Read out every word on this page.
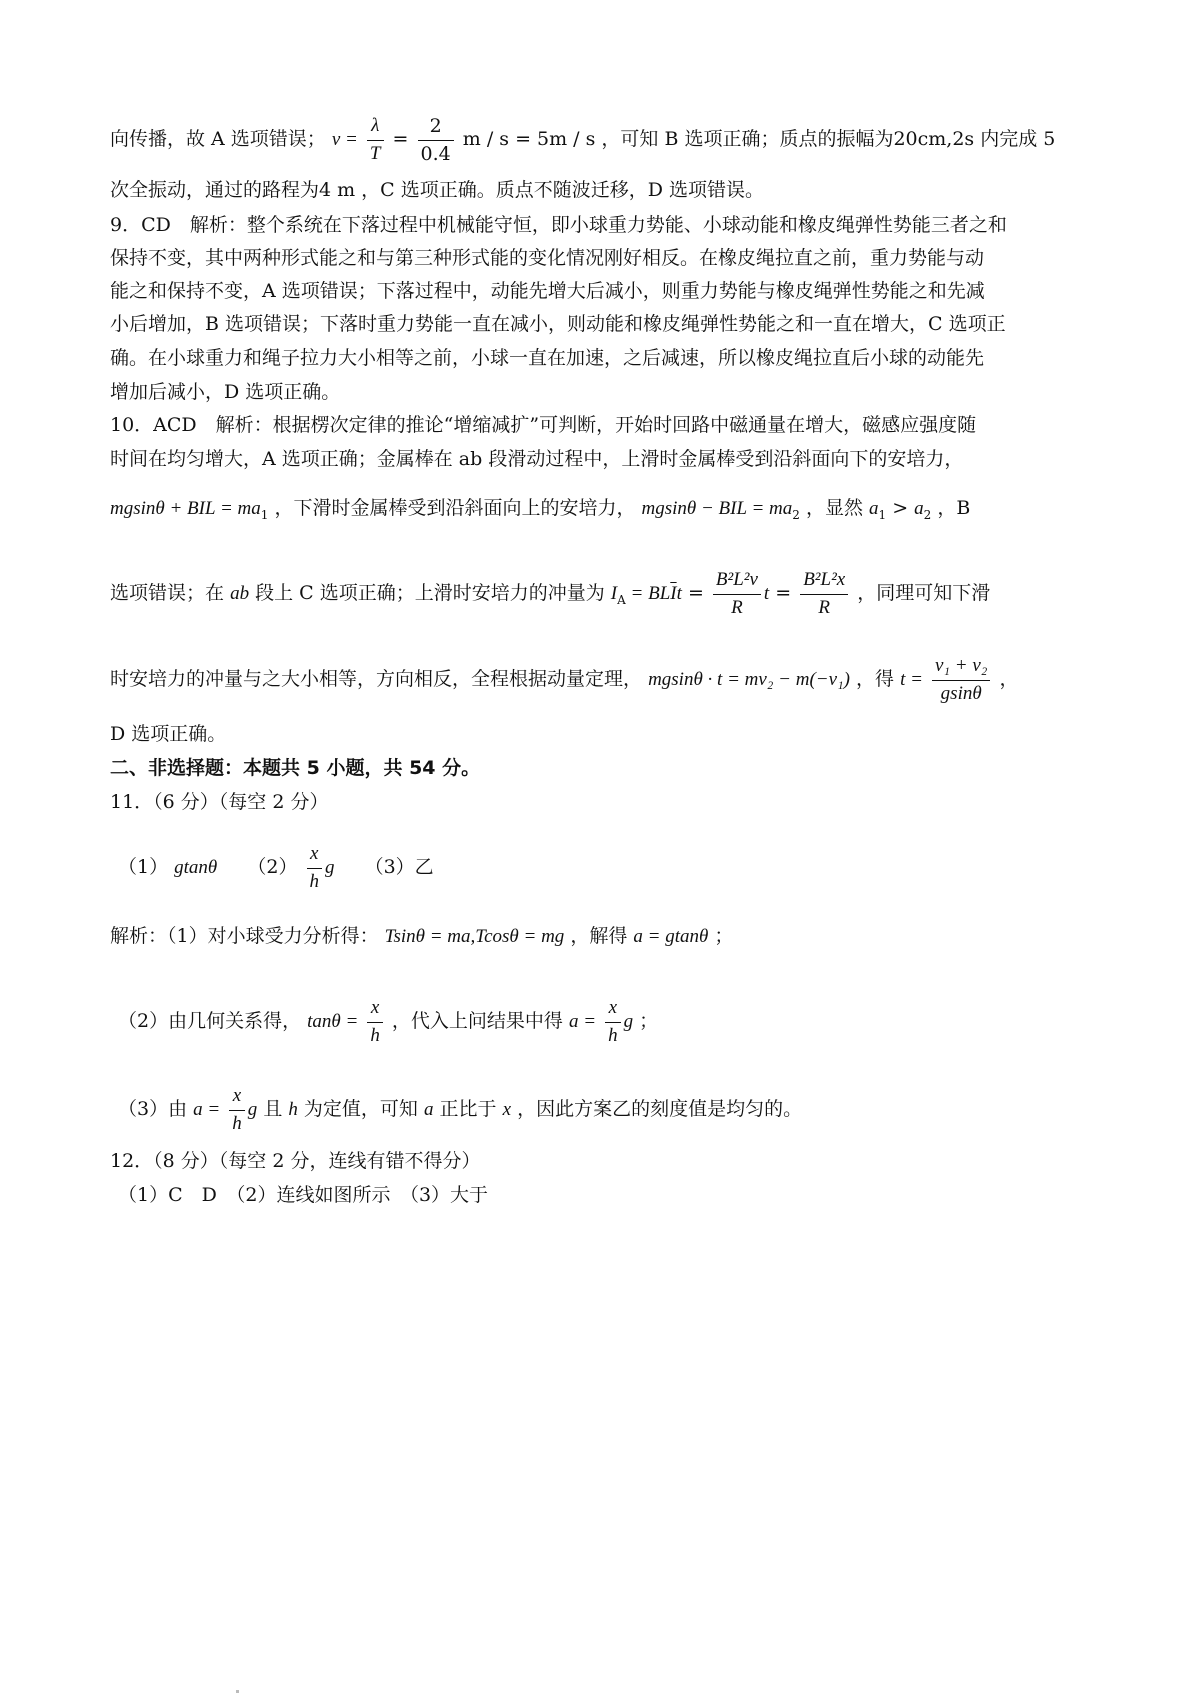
向传播，故 A 选项错误； $v = \frac{\lambda}{T} = \frac{2}{0.4}$ m / s = 5m / s ，可知 B 选项正确；质点的振幅为20cm,2s 内完成 5
次全振动，通过的路程为4 m ，C 选项正确。质点不随波迁移，D 选项错误。
9．CD　解析：整个系统在下落过程中机械能守恒，即小球重力势能、小球动能和橡皮绳弹性势能三者之和
保持不变，其中两种形式能之和与第三种形式能的变化情况刚好相反。在橡皮绳拉直之前，重力势能与动
能之和保持不变，A 选项错误；下落过程中，动能先增大后减小，则重力势能与橡皮绳弹性势能之和先减
小后增加，B 选项错误；下落时重力势能一直在减小，则动能和橡皮绳弹性势能之和一直在增大，C 选项正
确。在小球重力和绳子拉力大小相等之前，小球一直在加速，之后减速，所以橡皮绳拉直后小球的动能先
增加后减小，D 选项正确。
10．ACD　解析：根据楞次定律的推论“增缩减扩”可判断，开始时回路中磁通量在增大，磁感应强度随
时间在均匀增大，A 选项正确；金属棒在 ab 段滑动过程中，上滑时金属棒受到沿斜面向下的安培力，
mgsinθ + BIL = $ma_1$ ，下滑时金属棒受到沿斜面向上的安培力， mgsinθ − BIL = $ma_2$ ，显然 $a_1 > a_2$ ，B
选项错误；在 ab 段上 C 选项正确；上滑时安培力的冲量为 $I_A = BL\overline{I}t = \frac{\text{B²L²v}}{R}$ $t = \frac{\text{B²L²x}}{R}$ ，同理可知下滑
时安培力的冲量与之大小相等，方向相反，全程根据动量定理， mgsinθ · t = mv₂ − m(−v₁) ，得 $t = \frac{\text{v₁ + v₂}}{gsin\theta}$ ，
D 选项正确。
二、非选择题：本题共 5 小题，共 54 分。
11．（6 分）（每空 2 分）
（1） gtanθ $(2) \frac{x}{h}$ g （3）乙
解析：（1）对小球受力分析得： Tsinθ = ma,Tcosθ = mg ，解得 a = gtanθ ；
（2）由几何关系得， $\tan\theta = \frac{x}{h}$ ，代入上问结果中得 $a = \frac{x}{h}$ g ；
（3）由 $a = \frac{x}{h}$ g 且 h 为定值，可知 a 正比于 x ，因此方案乙的刻度值是均匀的。
12．（8 分）（每空 2 分，连线有错不得分）
（1）C　D　（2）连线如图所示　（3）大于
